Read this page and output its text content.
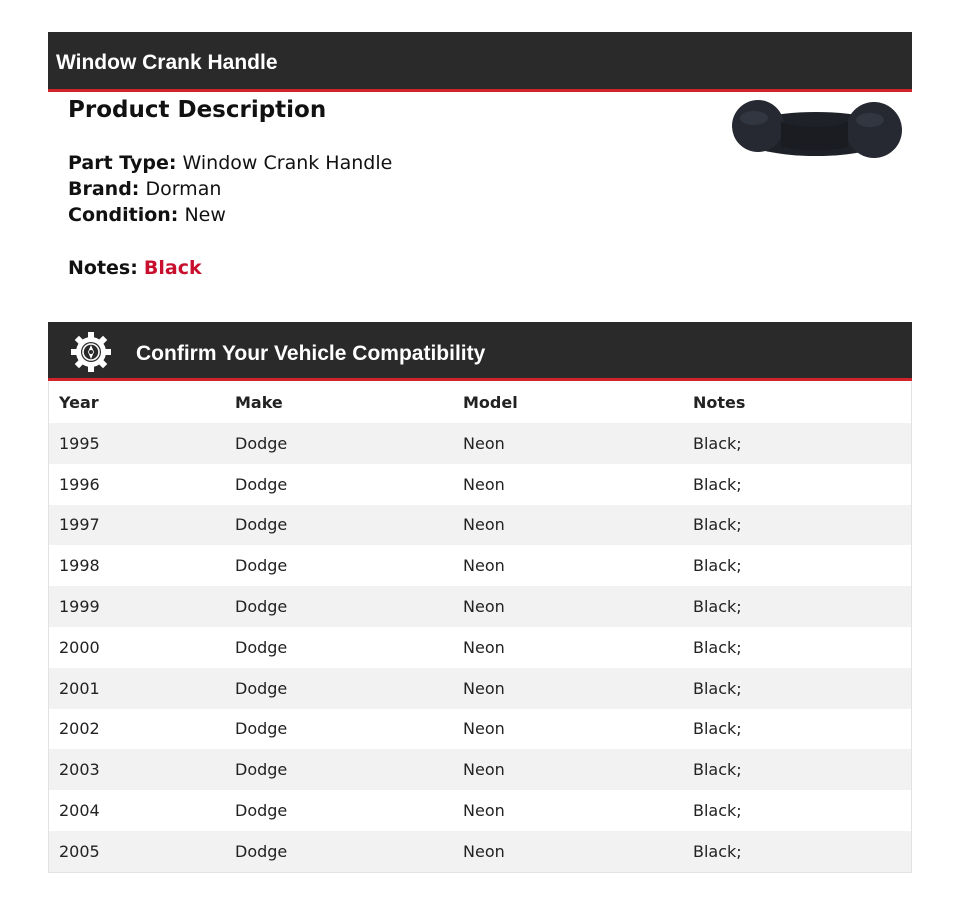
Window Crank Handle
Product Description
Part Type: Window Crank Handle
Brand: Dorman
Condition: New
Notes: Black
Confirm Your Vehicle Compatibility
Year	Make	Model	Notes
1995	Dodge	Neon	Black;
1996	Dodge	Neon	Black;
1997	Dodge	Neon	Black;
1998	Dodge	Neon	Black;
1999	Dodge	Neon	Black;
2000	Dodge	Neon	Black;
2001	Dodge	Neon	Black;
2002	Dodge	Neon	Black;
2003	Dodge	Neon	Black;
2004	Dodge	Neon	Black;
2005	Dodge	Neon	Black;
